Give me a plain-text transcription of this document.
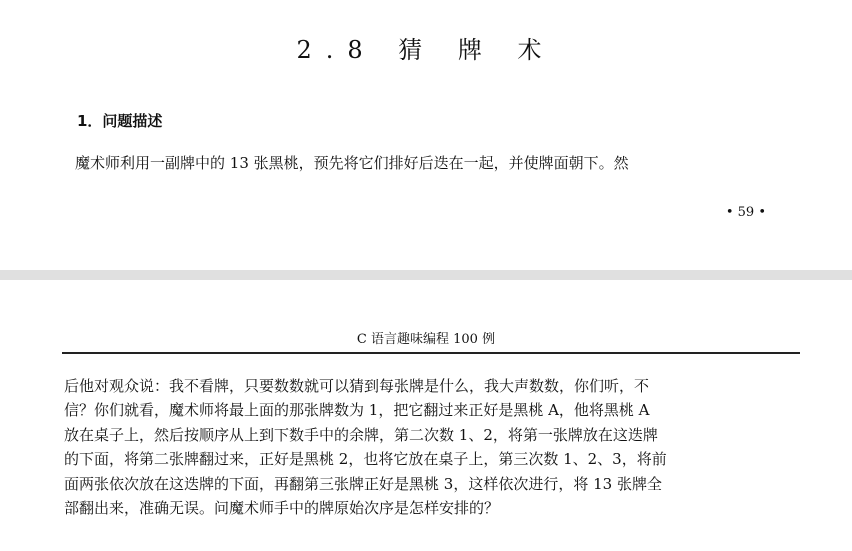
2.8 猜 牌 术
1．问题描述
魔术师利用一副牌中的 13 张黑桃，预先将它们排好后迭在一起，并使牌面朝下。然
• 59 •
C 语言趣味编程 100 例
后他对观众说：我不看牌，只要数数就可以猜到每张牌是什么，我大声数数，你们听，不
信？你们就看，魔术师将最上面的那张牌数为 1，把它翻过来正好是黑桃 A，他将黑桃 A
放在桌子上，然后按顺序从上到下数手中的余牌，第二次数 1、2，将第一张牌放在这迭牌
的下面，将第二张牌翻过来，正好是黑桃 2，也将它放在桌子上，第三次数 1、2、3，将前
面两张依次放在这迭牌的下面，再翻第三张牌正好是黑桃 3，这样依次进行，将 13 张牌全
部翻出来，准确无误。问魔术师手中的牌原始次序是怎样安排的？
